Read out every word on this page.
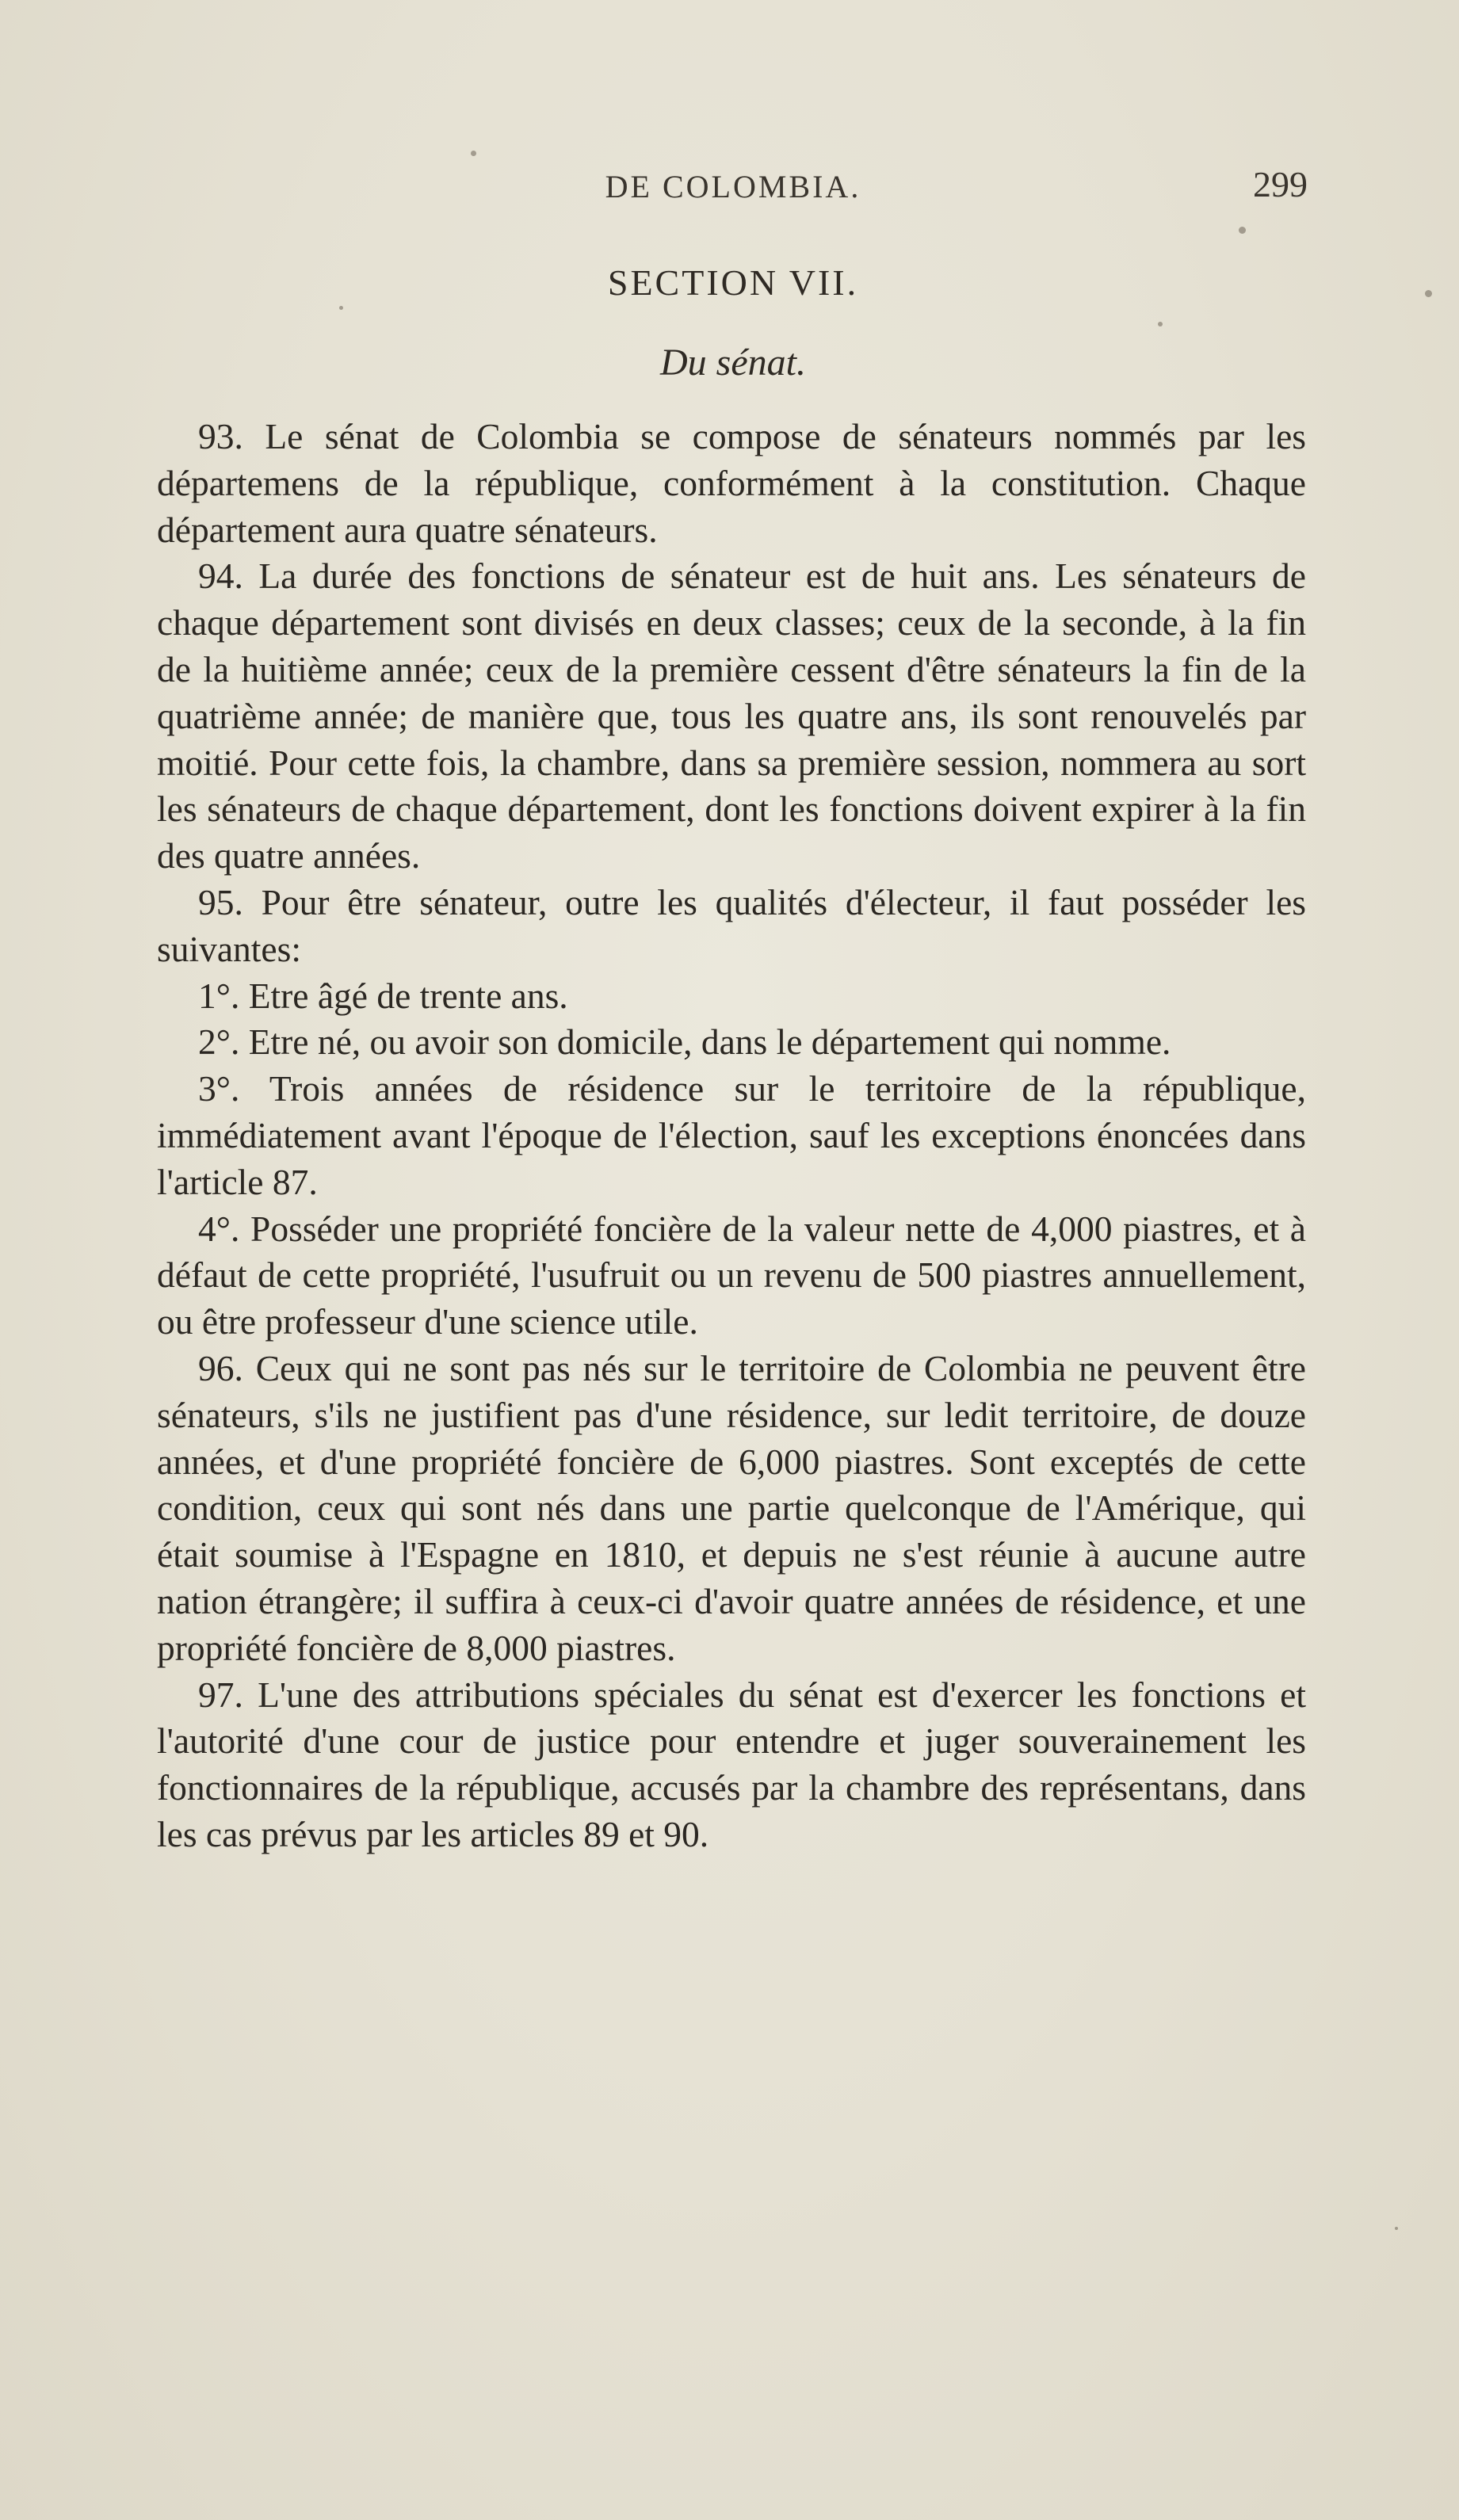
DE COLOMBIA.	299
SECTION VII.
Du sénat.

93. Le sénat de Colombia se compose de sénateurs nommés par les départemens de la république, conformément à la constitution. Chaque département aura quatre sénateurs.

94. La durée des fonctions de sénateur est de huit ans. Les sénateurs de chaque département sont divisés en deux classes; ceux de la seconde, à la fin de la huitième année; ceux de la première cessent d'être sénateurs la fin de la quatrième année; de manière que, tous les quatre ans, ils sont renouvelés par moitié. Pour cette fois, la chambre, dans sa première session, nommera au sort les sénateurs de chaque département, dont les fonctions doivent expirer à la fin des quatre années.

95. Pour être sénateur, outre les qualités d'électeur, il faut posséder les suivantes:

1°. Etre âgé de trente ans.

2°. Etre né, ou avoir son domicile, dans le département qui nomme.

3°. Trois années de résidence sur le territoire de la république, immédiatement avant l'époque de l'élection, sauf les exceptions énoncées dans l'article 87.

4°. Posséder une propriété foncière de la valeur nette de 4,000 piastres, et à défaut de cette propriété, l'usufruit ou un revenu de 500 piastres annuellement, ou être professeur d'une science utile.

96. Ceux qui ne sont pas nés sur le territoire de Colombia ne peuvent être sénateurs, s'ils ne justifient pas d'une résidence, sur ledit territoire, de douze années, et d'une propriété foncière de 6,000 piastres. Sont exceptés de cette condition, ceux qui sont nés dans une partie quelconque de l'Amérique, qui était soumise à l'Espagne en 1810, et depuis ne s'est réunie à aucune autre nation étrangère; il suffira à ceux-ci d'avoir quatre années de résidence, et une propriété foncière de 8,000 piastres.

97. L'une des attributions spéciales du sénat est d'exercer les fonctions et l'autorité d'une cour de justice pour entendre et juger souverainement les fonctionnaires de la république, accusés par la chambre des représentans, dans les cas prévus par les articles 89 et 90.
